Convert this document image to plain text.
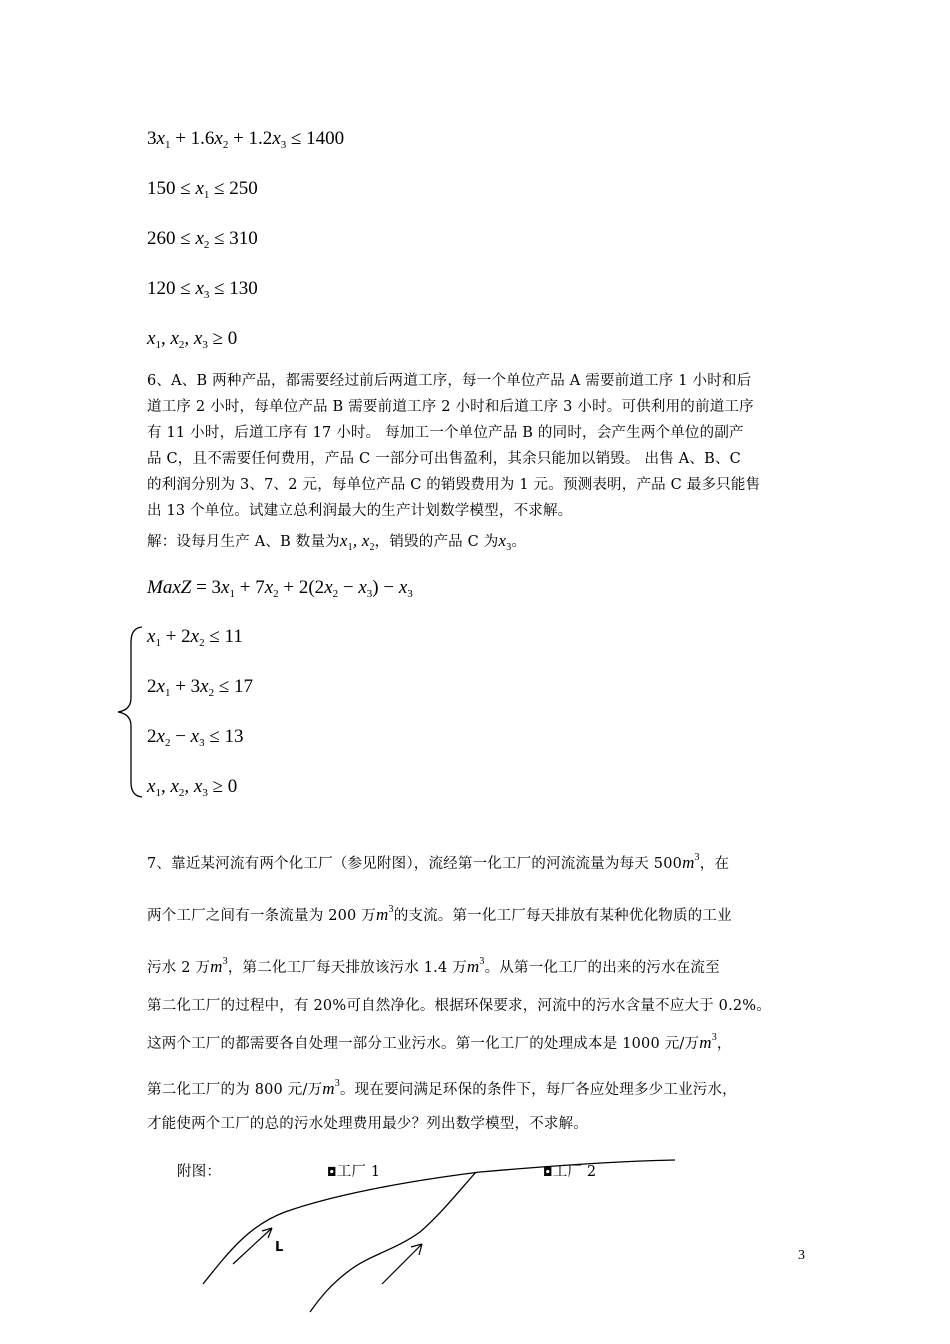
$3x_1 + 1.6x_2 + 1.2x_3 \le 1400$
$150 \le x_1 \le 250$
$260 \le x_2 \le 310$
$120 \le x_3 \le 130$
$x_1$, $x_2$, $x_3 \ge 0$
6、A、B 两种产品，都需要经过前后两道工序，每一个单位产品 A 需要前道工序 1 小时和后
道工序 2 小时，每单位产品 B 需要前道工序 2 小时和后道工序 3 小时。可供利用的前道工序
有 11 小时，后道工序有 17 小时。 每加工一个单位产品 B 的同时，会产生两个单位的副产
品 C，且不需要任何费用，产品 C 一部分可出售盈利，其余只能加以销毁。 出售 A、B、C
的利润分别为 3、7、2 元，每单位产品 C 的销毁费用为 1 元。预测表明，产品 C 最多只能售
出 13 个单位。试建立总利润最大的生产计划数学模型，不求解。
解：设每月生产 A、B 数量为$x_1$, $x_2$，销毁的产品 C 为$x_3$。
MaxZ = $3x_1 + 7x_2 + 2(2x_2 - x_3) - x_3$
$x_1 + 2x_2 \le 11$
$2x_1 + 3x_2 \le 17$
$2x_2 - x_3 \le 13$
$x_1$, $x_2$, $x_3 \ge 0$
7、靠近某河流有两个化工厂（参见附图），流经第一化工厂的河流流量为每天 $500m^3$，在
两个工厂之间有一条流量为 200 万$m^3$的支流。第一化工厂每天排放有某种优化物质的工业
污水 2 万$m^3$，第二化工厂每天排放该污水 1.4 万$m^3$。从第一化工厂的出来的污水在流至
第二化工厂的过程中，有 20%可自然净化。根据环保要求，河流中的污水含量不应大于 0.2%。
这两个工厂的都需要各自处理一部分工业污水。第一化工厂的处理成本是 1000 元/万$m^3$，
第二化工厂的为 800 元/万$m^3$。现在要问满足环保的条件下，每厂各应处理多少工业污水，
才能使两个工厂的总的污水处理费用最少？列出数学模型，不求解。
附图：	◘工厂 1	◘工厂 2
L
3
